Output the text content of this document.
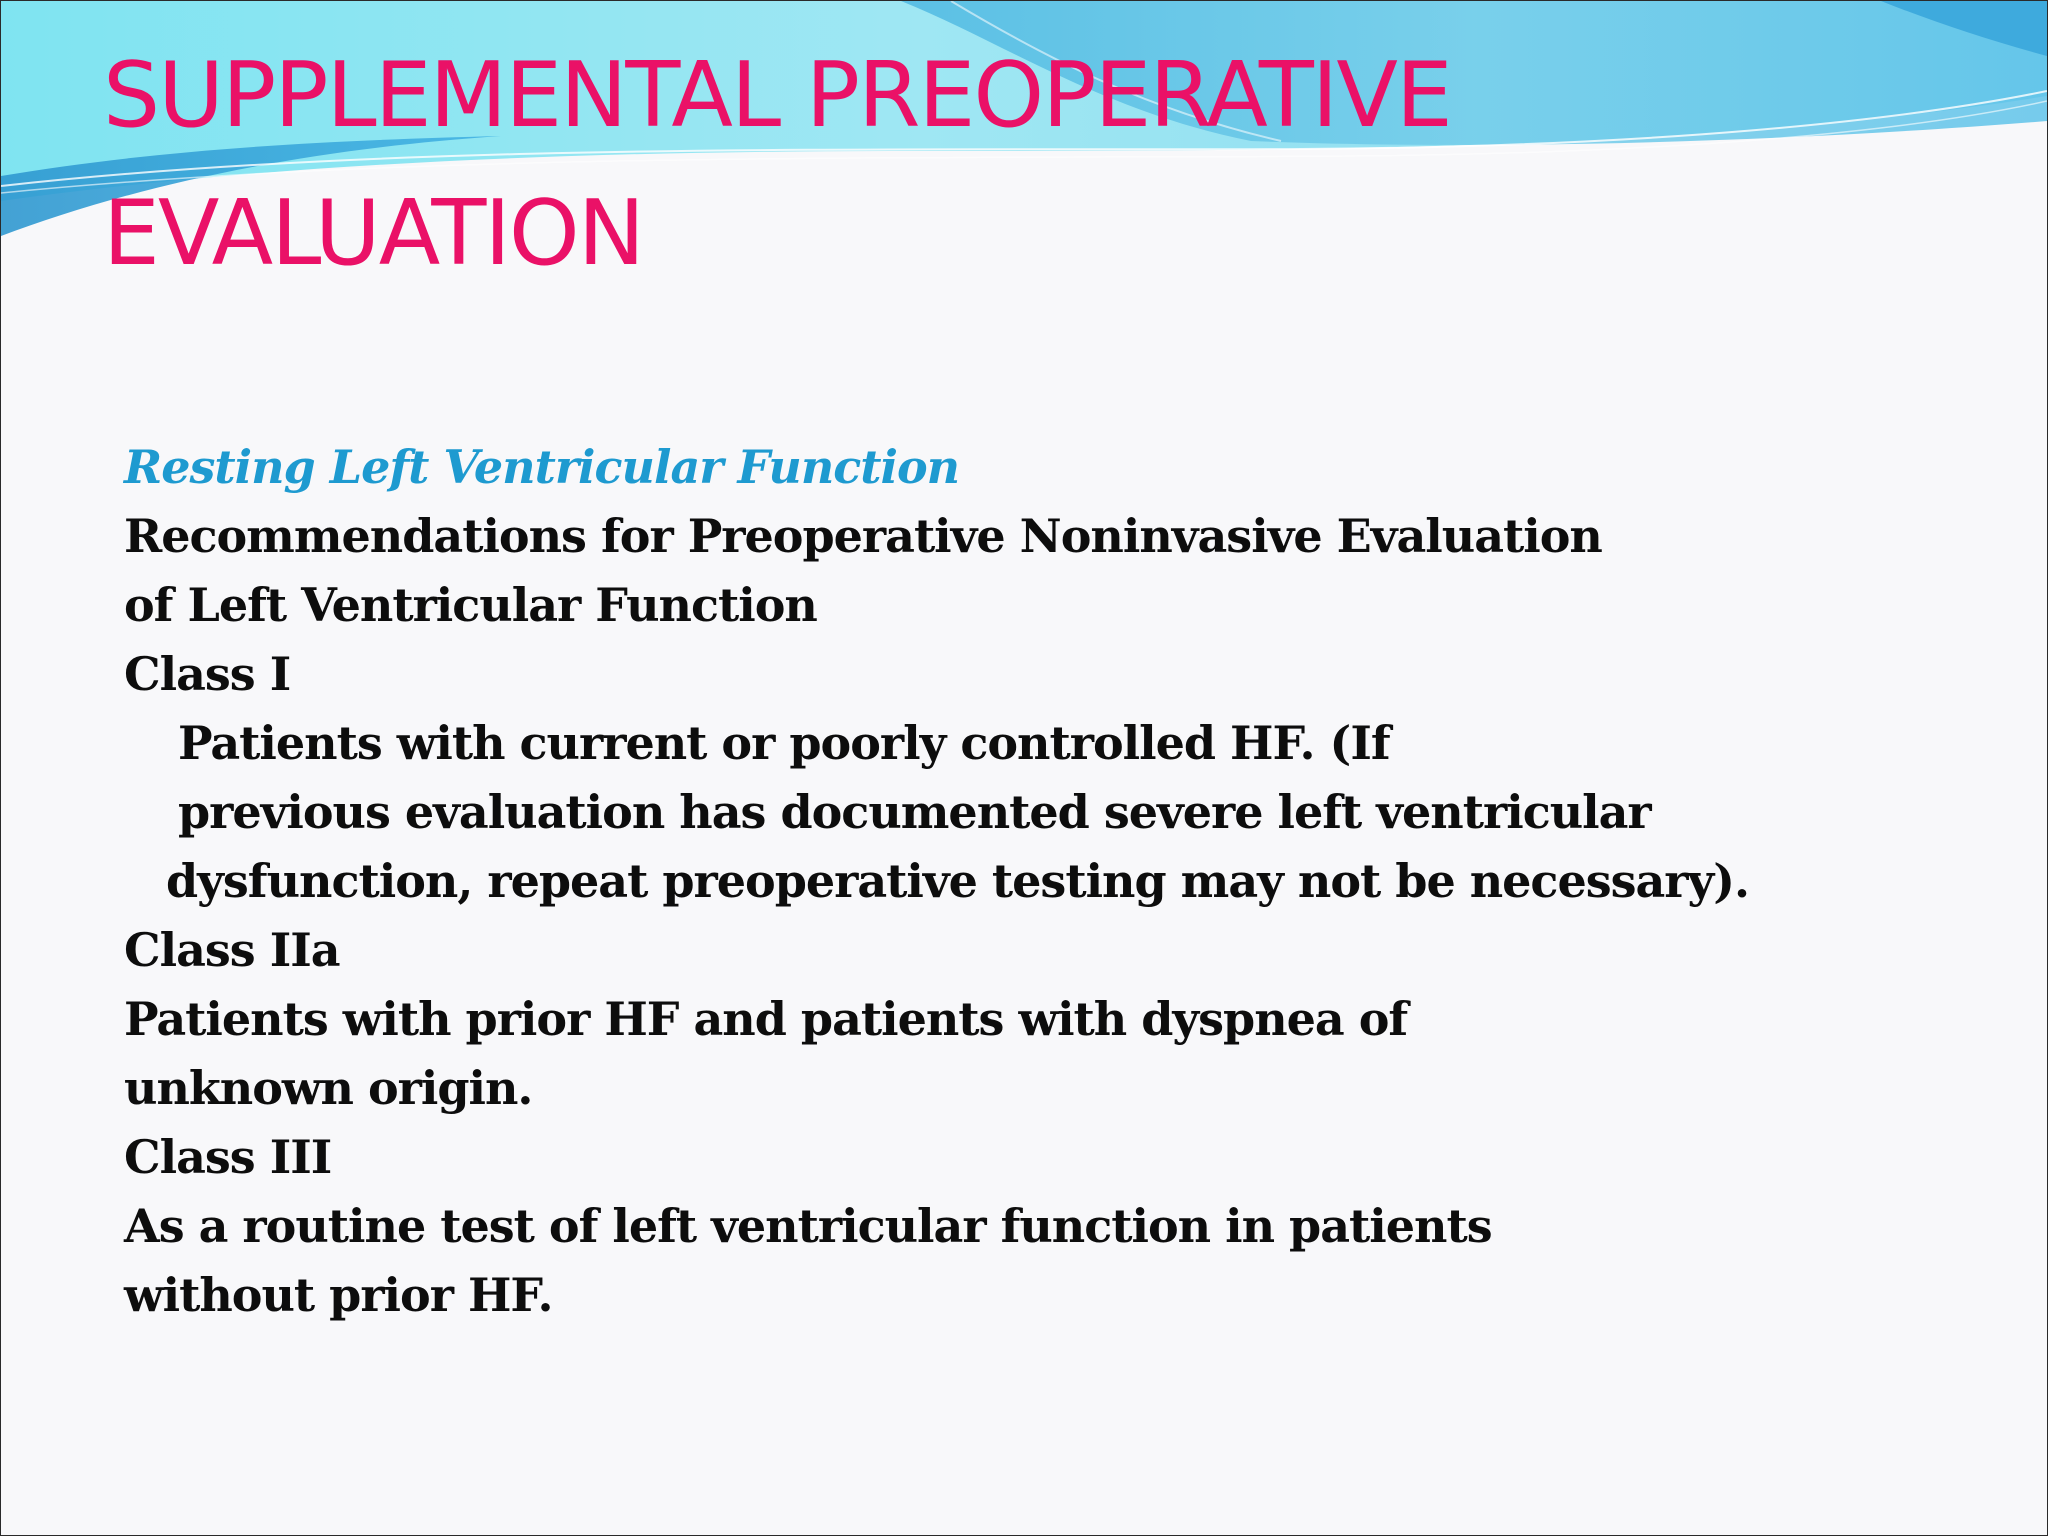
SUPPLEMENTAL PREOPERATIVE
EVALUATION
Resting Left Ventricular Function
Recommendations for Preoperative Noninvasive Evaluation
of Left Ventricular Function
Class I
Patients with current or poorly controlled HF. (If
previous evaluation has documented severe left ventricular
dysfunction, repeat preoperative testing may not be necessary).
Class IIa
Patients with prior HF and patients with dyspnea of
unknown origin.
Class III
As a routine test of left ventricular function in patients
without prior HF.
